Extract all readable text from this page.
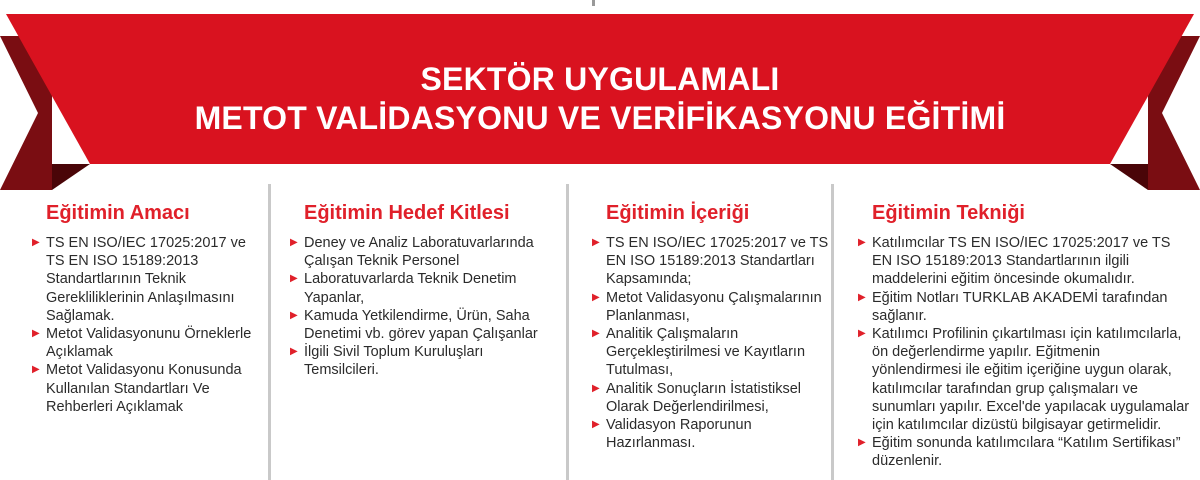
SEKTÖR UYGULAMALI
METOT VALİDASYONU VE VERİFİKASYONU EĞİTİMİ
Eğitimin Amacı
▶ TS EN ISO/IEC 17025:2017 ve TS EN ISO 15189:2013 Standartlarının Teknik Gerekliliklerinin Anlaşılmasını Sağlamak.
▶ Metot Validasyonunu Örneklerle Açıklamak
▶ Metot Validasyonu Konusunda Kullanılan Standartları Ve Rehberleri Açıklamak
Eğitimin Hedef Kitlesi
▶ Deney ve Analiz Laboratuvarlarında Çalışan Teknik Personel
▶ Laboratuvarlarda Teknik Denetim Yapanlar,
▶ Kamuda Yetkilendirme, Ürün, Saha Denetimi vb. görev yapan Çalışanlar
▶ İlgili Sivil Toplum Kuruluşları Temsilcileri.
Eğitimin İçeriği
▶ TS EN ISO/IEC 17025:2017 ve TS EN ISO 15189:2013 Standartları Kapsamında;
▶ Metot Validasyonu Çalışmalarının Planlanması,
▶ Analitik Çalışmaların Gerçekleştirilmesi ve Kayıtların Tutulması,
▶ Analitik Sonuçların İstatistiksel Olarak Değerlendirilmesi,
▶ Validasyon Raporunun Hazırlanması.
Eğitimin Tekniği
▶ Katılımcılar TS EN ISO/IEC 17025:2017 ve TS EN ISO 15189:2013 Standartlarının ilgili maddelerini eğitim öncesinde okumalıdır.
▶ Eğitim Notları TURKLAB AKADEMİ tarafından sağlanır.
▶ Katılımcı Profilinin çıkartılması için katılımcılarla, ön değerlendirme yapılır. Eğitmenin yönlendirmesi ile eğitim içeriğine uygun olarak, katılımcılar tarafından grup çalışmaları ve sunumları yapılır. Excel'de yapılacak uygulamalar için katılımcılar dizüstü bilgisayar getirmelidir.
▶ Eğitim sonunda katılımcılara “Katılım Sertifikası” düzenlenir.
